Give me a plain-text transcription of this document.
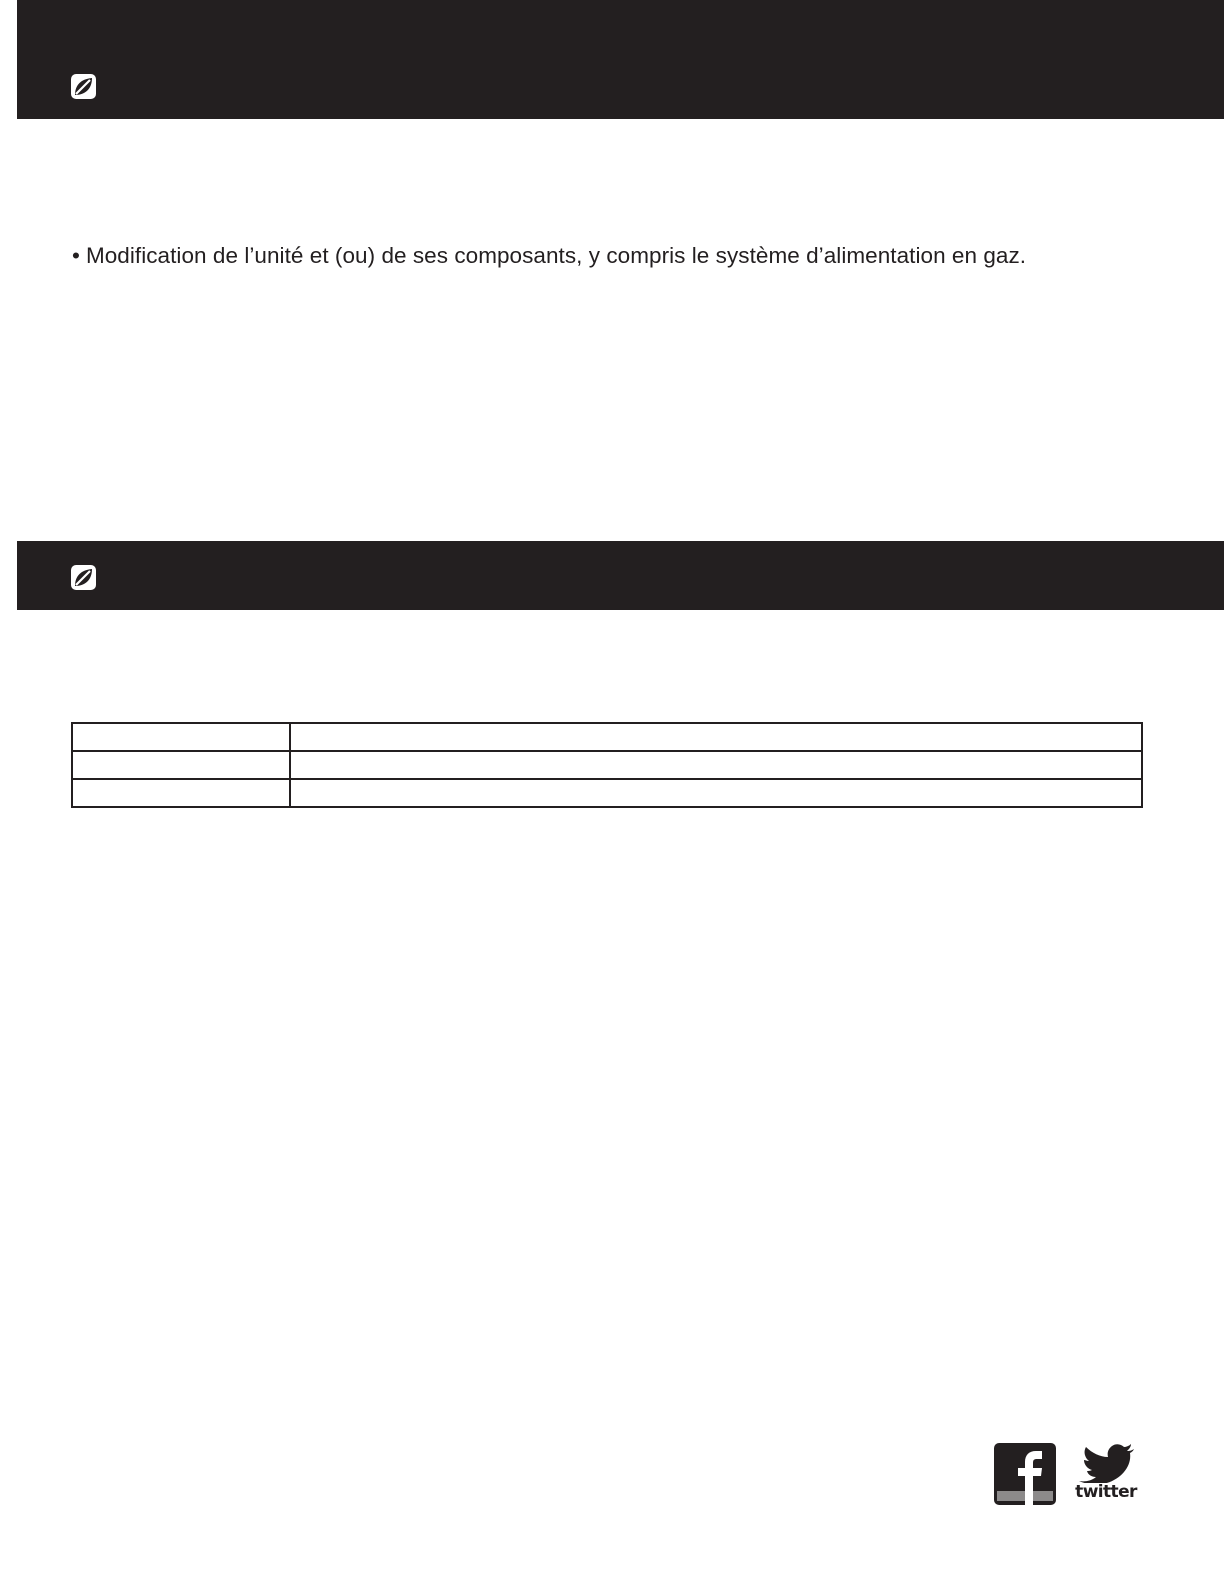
• Modification de l’unité et (ou) de ses composants, y compris le système d’alimentation en gaz.

twitter
